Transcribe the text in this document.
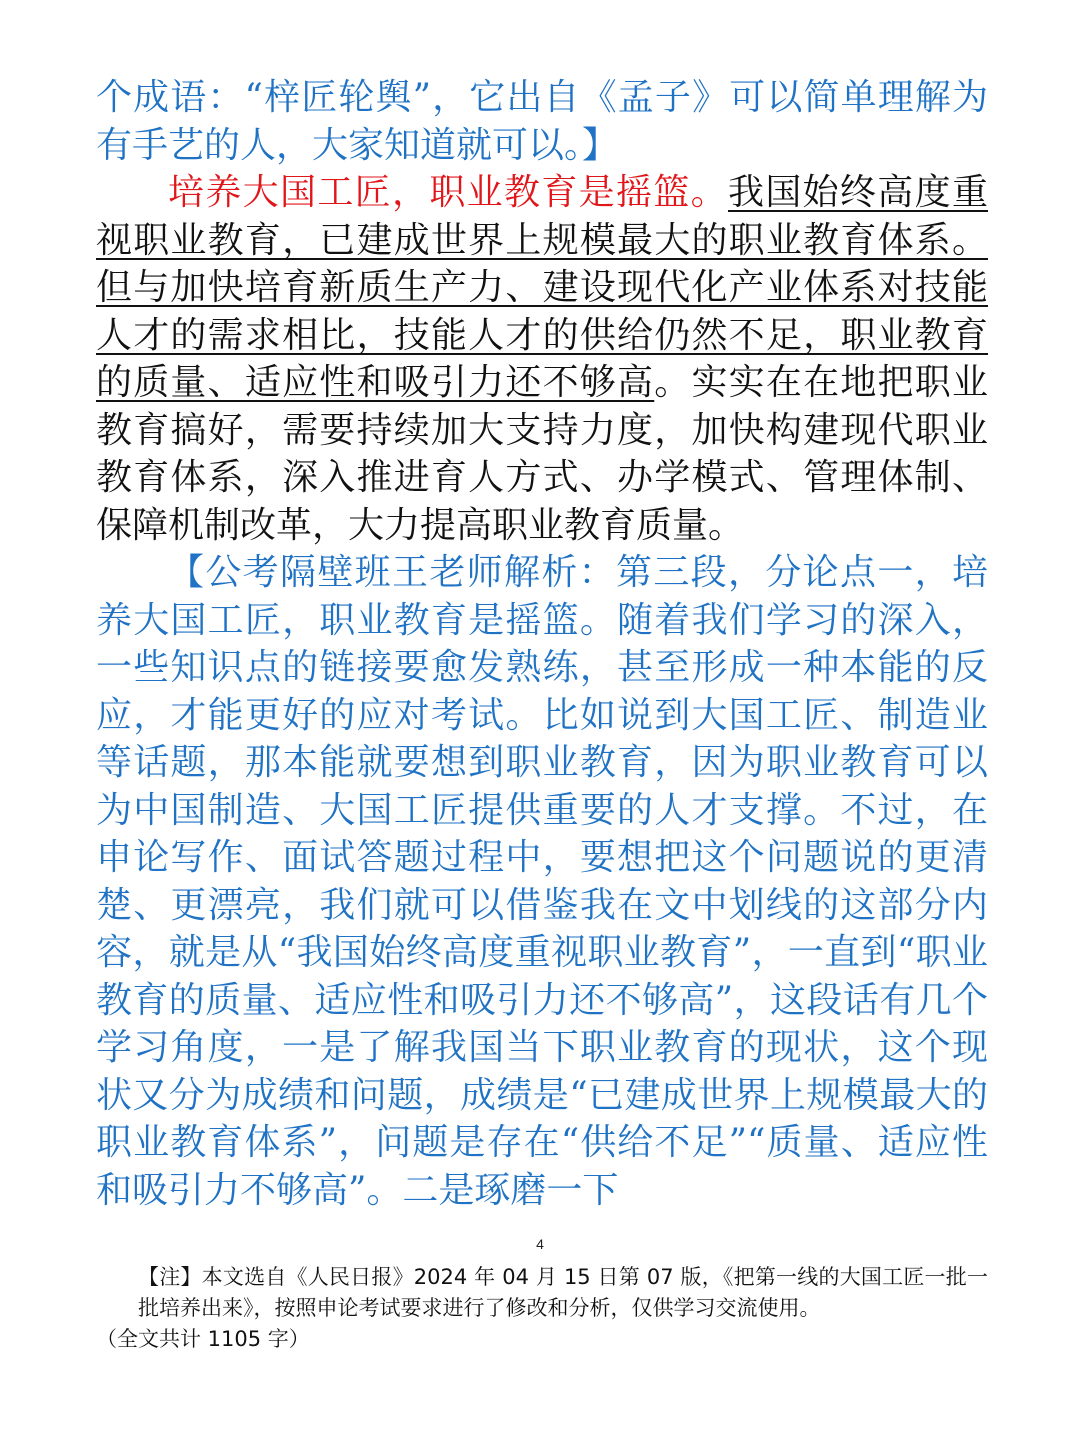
个成语：“梓匠轮舆”，它出自《孟子》可以简单理解为有手艺的人，大家知道就可以。】

培养大国工匠，职业教育是摇篮。我国始终高度重视职业教育，已建成世界上规模最大的职业教育体系。但与加快培育新质生产力、建设现代化产业体系对技能人才的需求相比，技能人才的供给仍然不足，职业教育的质量、适应性和吸引力还不够高。实实在在地把职业教育搞好，需要持续加大支持力度，加快构建现代职业教育体系，深入推进育人方式、办学模式、管理体制、保障机制改革，大力提高职业教育质量。

【公考隔壁班王老师解析：第三段，分论点一，培养大国工匠，职业教育是摇篮。随着我们学习的深入，一些知识点的链接要愈发熟练，甚至形成一种本能的反应，才能更好的应对考试。比如说到大国工匠、制造业等话题，那本能就要想到职业教育，因为职业教育可以为中国制造、大国工匠提供重要的人才支撑。不过，在申论写作、面试答题过程中，要想把这个问题说的更清楚、更漂亮，我们就可以借鉴我在文中划线的这部分内容，就是从“我国始终高度重视职业教育”，一直到“职业教育的质量、适应性和吸引力还不够高”，这段话有几个学习角度，一是了解我国当下职业教育的现状，这个现状又分为成绩和问题，成绩是“已建成世界上规模最大的职业教育体系”，问题是存在“供给不足”“质量、适应性和吸引力不够高”。二是琢磨一下

4
【注】本文选自《人民日报》2024 年 04 月 15 日第 07 版，《把第一线的大国工匠一批一批培养出来》，按照申论考试要求进行了修改和分析，仅供学习交流使用。
（全文共计 1105 字）
